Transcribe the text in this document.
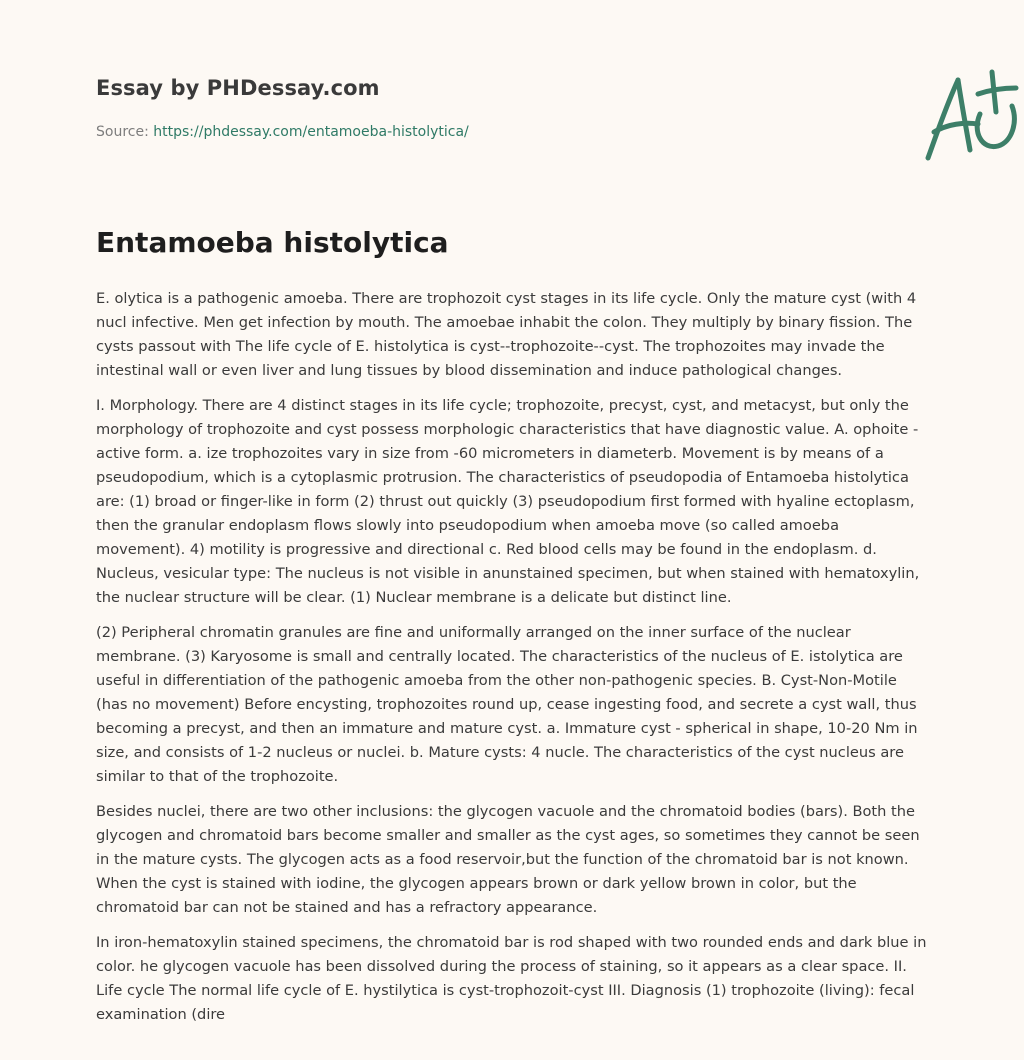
Essay by PHDessay.com

Source: https://phdessay.com/entamoeba-histolytica/

Entamoeba histolytica

E. olytica is a pathogenic amoeba. There are trophozoit cyst stages in its life cycle. Only the mature cyst (with 4 nucl infective. Men get infection by mouth. The amoebae inhabit the colon. They multiply by binary fission. The cysts passout with The life cycle of E. histolytica is cyst--trophozoite--cyst. The trophozoites may invade the intestinal wall or even liver and lung tissues by blood dissemination and induce pathological changes.

I. Morphology. There are 4 distinct stages in its life cycle; trophozoite, precyst, cyst, and metacyst, but only the morphology of trophozoite and cyst possess morphologic characteristics that have diagnostic value. A. ophoite - active form. a. ize trophozoites vary in size from -60 micrometers in diameterb. Movement is by means of a pseudopodium, which is a cytoplasmic protrusion. The characteristics of pseudopodia of Entamoeba histolytica are: (1) broad or finger-like in form (2) thrust out quickly (3) pseudopodium first formed with hyaline ectoplasm, then the granular endoplasm flows slowly into pseudopodium when amoeba move (so called amoeba movement). 4) motility is progressive and directional c. Red blood cells may be found in the endoplasm. d. Nucleus, vesicular type: The nucleus is not visible in anunstained specimen, but when stained with hematoxylin, the nuclear structure will be clear. (1) Nuclear membrane is a delicate but distinct line.

(2) Peripheral chromatin granules are fine and uniformally arranged on the inner surface of the nuclear membrane. (3) Karyosome is small and centrally located. The characteristics of the nucleus of E. istolytica are useful in differentiation of the pathogenic amoeba from the other non-pathogenic species. B. Cyst-Non-Motile (has no movement) Before encysting, trophozoites round up, cease ingesting food, and secrete a cyst wall, thus becoming a precyst, and then an immature and mature cyst. a. Immature cyst - spherical in shape, 10-20 Nm in size, and consists of 1-2 nucleus or nuclei. b. Mature cysts: 4 nucle. The characteristics of the cyst nucleus are similar to that of the trophozoite.

Besides nuclei, there are two other inclusions: the glycogen vacuole and the chromatoid bodies (bars). Both the glycogen and chromatoid bars become smaller and smaller as the cyst ages, so sometimes they cannot be seen in the mature cysts. The glycogen acts as a food reservoir,but the function of the chromatoid bar is not known. When the cyst is stained with iodine, the glycogen appears brown or dark yellow brown in color, but the chromatoid bar can not be stained and has a refractory appearance.

In iron-hematoxylin stained specimens, the chromatoid bar is rod shaped with two rounded ends and dark blue in color. he glycogen vacuole has been dissolved during the process of staining, so it appears as a clear space. II. Life cycle The normal life cycle of E. hystilytica is cyst-trophozoit-cyst III. Diagnosis (1) trophozoite (living): fecal examination (dire
